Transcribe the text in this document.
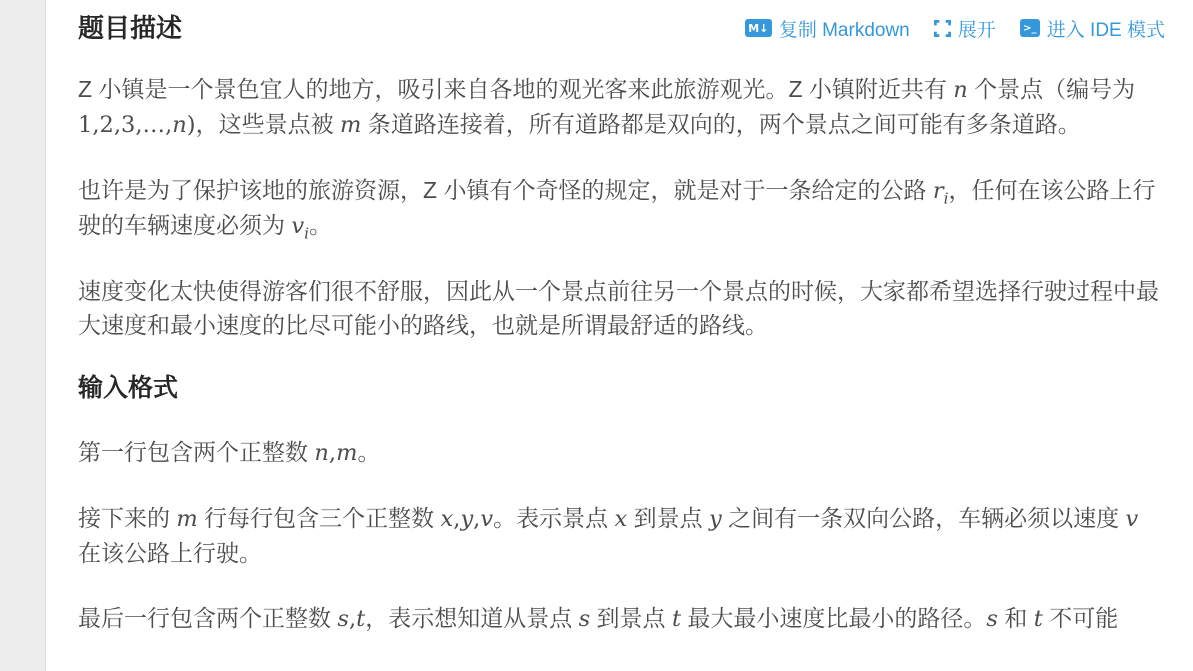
题目描述	M↓ 复制 Markdown	展开	>_ 进入 IDE 模式

Z 小镇是一个景色宜人的地方，吸引来自各地的观光客来此旅游观光。Z 小镇附近共有 n 个景点（编号为 1,2,3,…,n)，这些景点被 m 条道路连接着，所有道路都是双向的，两个景点之间可能有多条道路。

也许是为了保护该地的旅游资源，Z 小镇有个奇怪的规定，就是对于一条给定的公路 $r_i$，任何在该公路上行驶的车辆速度必须为 $v_i$。

速度变化太快使得游客们很不舒服，因此从一个景点前往另一个景点的时候，大家都希望选择行驶过程中最大速度和最小速度的比尽可能小的路线，也就是所谓最舒适的路线。

输入格式

第一行包含两个正整数 n,m。

接下来的 m 行每行包含三个正整数 x,y,v。表示景点 x 到景点 y 之间有一条双向公路，车辆必须以速度 v 在该公路上行驶。

最后一行包含两个正整数 s,t，表示想知道从景点 s 到景点 t 最大最小速度比最小的路径。s 和 t 不可能
